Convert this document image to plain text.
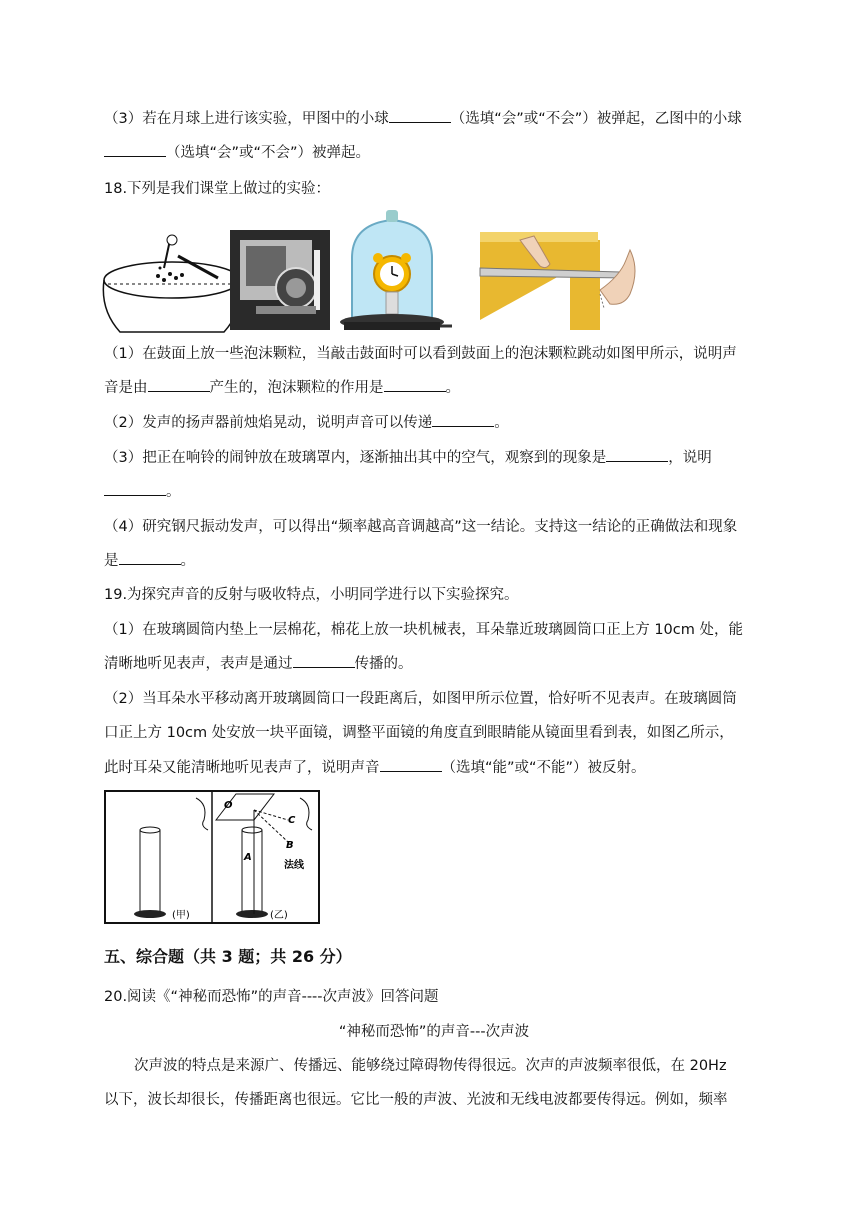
（3）若在月球上进行该实验，甲图中的小球	（选填“会”或“不会”）被弹起，乙图中的小球
（选填“会”或“不会”）被弹起。
18.下列是我们课堂上做过的实验：
（1）在鼓面上放一些泡沫颗粒，当敲击鼓面时可以看到鼓面上的泡沫颗粒跳动如图甲所示，说明声
音是由	产生的，泡沫颗粒的作用是	。
（2）发声的扬声器前烛焰晃动，说明声音可以传递	。
（3）把正在响铃的闹钟放在玻璃罩内，逐渐抽出其中的空气，观察到的现象是	，说明
。
（4）研究钢尺振动发声，可以得出“频率越高音调越高”这一结论。支持这一结论的正确做法和现象
是	。
19.为探究声音的反射与吸收特点，小明同学进行以下实验探究。
（1）在玻璃圆筒内垫上一层棉花，棉花上放一块机械表，耳朵靠近玻璃圆筒口正上方 10cm 处，能
清晰地听见表声，表声是通过	传播的。
（2）当耳朵水平移动离开玻璃圆筒口一段距离后，如图甲所示位置，恰好听不见表声。在玻璃圆筒
口正上方 10cm 处安放一块平面镜，调整平面镜的角度直到眼睛能从镜面里看到表，如图乙所示，
此时耳朵又能清晰地听见表声了，说明声音	（选填“能”或“不能”）被反射。
(甲)
O
C
B
A
法线
(乙)
五、综合题（共 3 题；共 26 分）
20.阅读《“神秘而恐怖”的声音----次声波》回答问题
“神秘而恐怖”的声音---次声波
次声波的特点是来源广、传播远、能够绕过障碍物传得很远。次声的声波频率很低，在 20Hz
以下，波长却很长，传播距离也很远。它比一般的声波、光波和无线电波都要传得远。例如，频率
